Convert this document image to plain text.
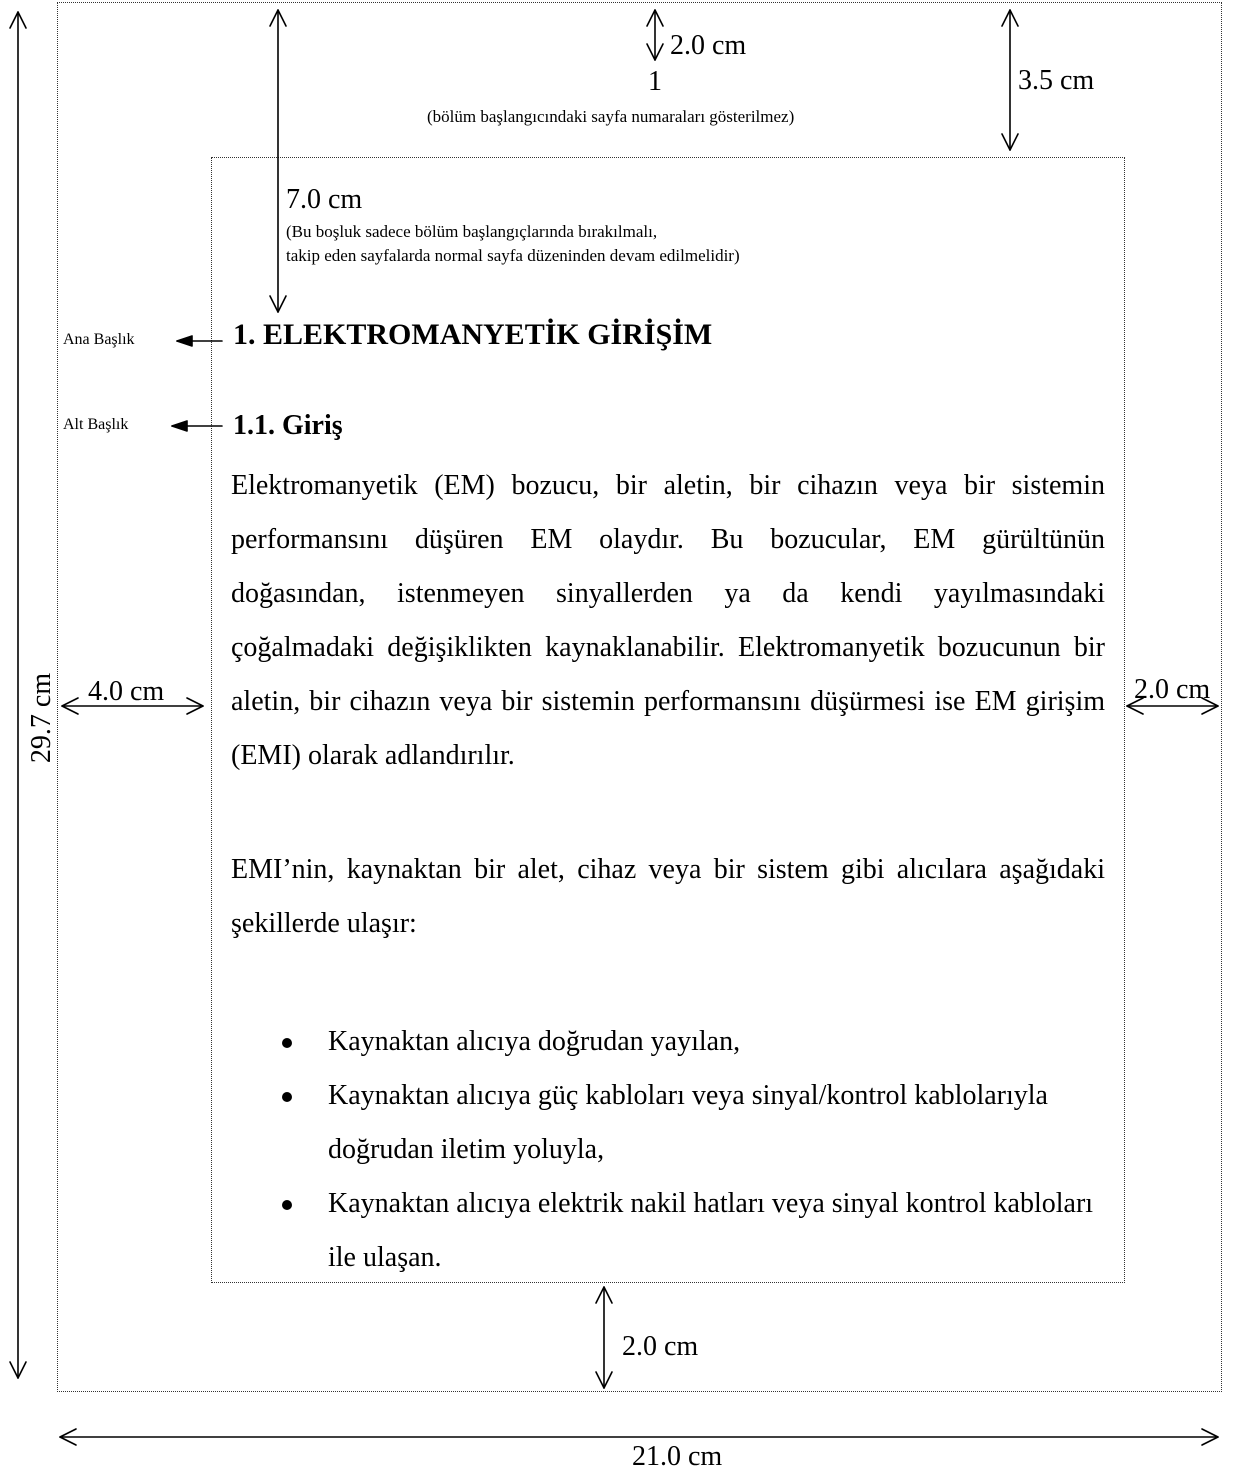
2.0 cm
3.5 cm
1
(bölüm başlangıcındaki sayfa numaraları gösterilmez)
7.0 cm
(Bu boşluk sadece bölüm başlangıçlarında bırakılmalı,
takip eden sayfalarda normal sayfa düzeninden devam edilmelidir)
Ana Başlık
Alt Başlık
4.0 cm	2.0 cm
29.7 cm
2.0 cm
21.0 cm
1. ELEKTROMANYETİK GİRİŞİM
1.1. Giriş

Elektromanyetik (EM) bozucu, bir aletin, bir cihazın veya bir sistemin performansını düşüren EM olaydır. Bu bozucular, EM gürültünün doğasından, istenmeyen sinyallerden ya da kendi yayılmasındaki çoğalmadaki değişiklikten kaynaklanabilir. Elektromanyetik bozucunun bir aletin, bir cihazın veya bir sistemin performansını düşürmesi ise EM girişim (EMI) olarak adlandırılır.

EMI’nin, kaynaktan bir alet, cihaz veya bir sistem gibi alıcılara aşağıdaki şekillerde ulaşır:

Kaynaktan alıcıya doğrudan yayılan,
Kaynaktan alıcıya güç kabloları veya sinyal/kontrol kablolarıyla doğrudan iletim yoluyla,
Kaynaktan alıcıya elektrik nakil hatları veya sinyal kontrol kabloları ile ulaşan.
